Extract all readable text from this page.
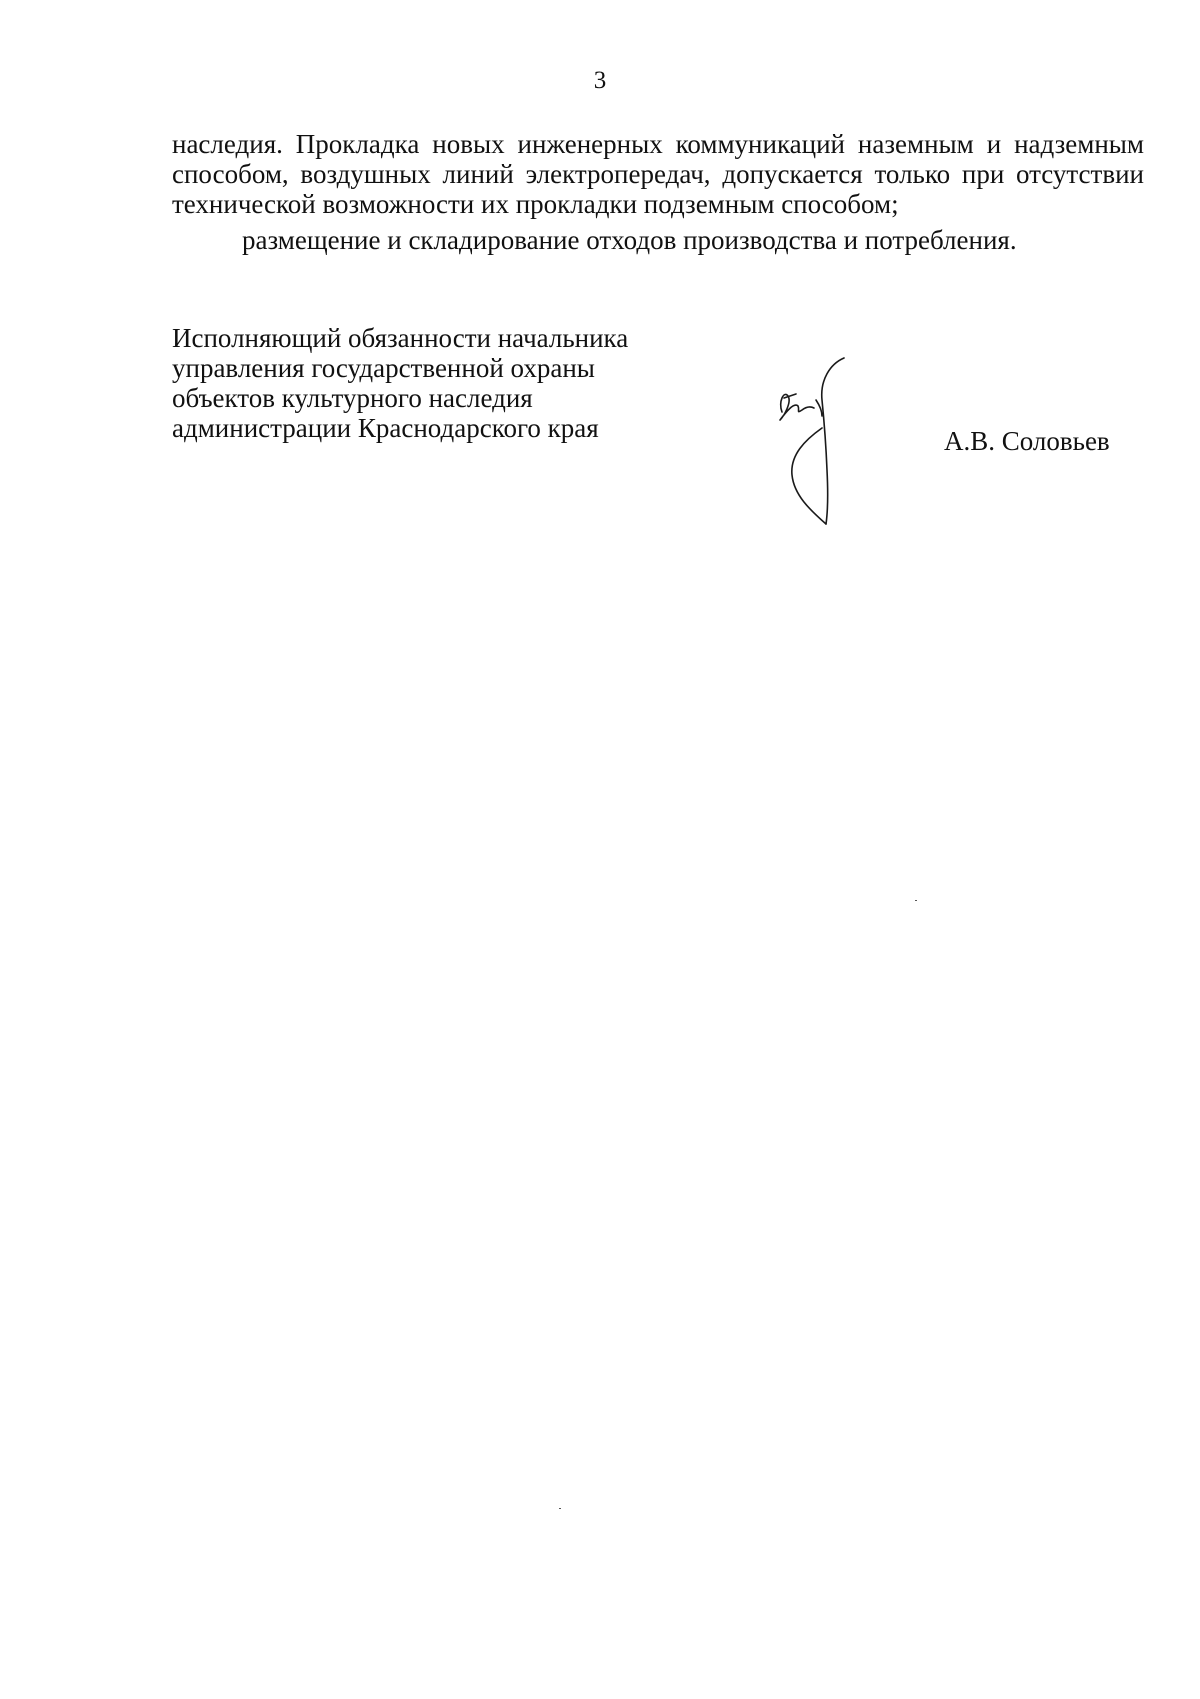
3

наследия. Прокладка новых инженерных коммуникаций наземным и надземным способом, воздушных линий электропередач, допускается только при отсутствии технической возможности их прокладки подземным способом;

размещение и складирование отходов производства и потребления.

Исполняющий обязанности начальника
управления государственной охраны
объектов культурного наследия
администрации Краснодарского края	А.В. Соловьев
